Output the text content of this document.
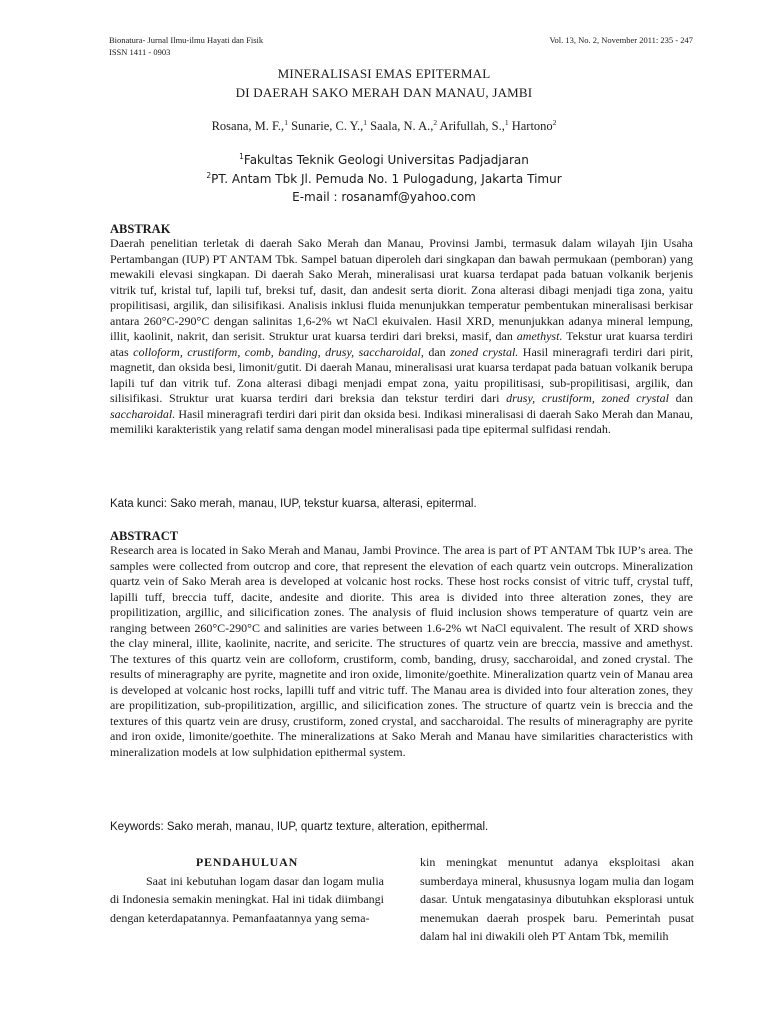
Bionatura- Jurnal Ilmu-ilmu Hayati dan Fisik
ISSN 1411 - 0903
Vol. 13, No. 2, November 2011: 235 - 247
MINERALISASI EMAS EPITERMAL
DI DAERAH SAKO MERAH DAN MANAU, JAMBI
Rosana, M. F.,$^1$ Sunarie, C. Y.,$^1$ Saala, N. A.,$^2$ Arifullah, S.,$^1$ Hartono$^2$
$^1$Fakultas Teknik Geologi Universitas Padjadjaran
$^2$PT. Antam Tbk Jl. Pemuda No. 1 Pulogadung, Jakarta Timur
E-mail : rosanamf@yahoo.com

ABSTRAK

Daerah penelitian terletak di daerah Sako Merah dan Manau, Provinsi Jambi, termasuk dalam wilayah Ijin Usaha Pertambangan (IUP) PT ANTAM Tbk. Sampel batuan diperoleh dari singkapan dan bawah permukaan (pemboran) yang mewakili elevasi singkapan. Di daerah Sako Merah, mineralisasi urat kuarsa terdapat pada batuan volkanik berjenis vitrik tuf, kristal tuf, lapili tuf, breksi tuf, dasit, dan andesit serta diorit. Zona alterasi dibagi menjadi tiga zona, yaitu propilitisasi, argilik, dan silisifikasi. Analisis inklusi fluida menunjukkan temperatur pembentukan mineralisasi berkisar antara 260°C-290°C dengan salinitas 1,6-2% wt NaCl ekuivalen. Hasil XRD, menunjukkan adanya mineral lempung, illit, kaolinit, nakrit, dan serisit. Struktur urat kuarsa terdiri dari breksi, masif, dan amethyst. Tekstur urat kuarsa terdiri atas colloform, crustiform, comb, banding, drusy, saccharoidal, dan zoned crystal. Hasil mineragrafi terdiri dari pirit, magnetit, dan oksida besi, limonit/gutit. Di daerah Manau, mineralisasi urat kuarsa terdapat pada batuan volkanik berupa lapili tuf dan vitrik tuf. Zona alterasi dibagi menjadi empat zona, yaitu propilitisasi, sub-propilitisasi, argilik, dan silisifikasi. Struktur urat kuarsa terdiri dari breksia dan tekstur terdiri dari drusy, crustiform, zoned crystal dan saccharoidal. Hasil mineragrafi terdiri dari pirit dan oksida besi. Indikasi mineralisasi di daerah Sako Merah dan Manau, memiliki karakteristik yang relatif sama dengan model mineralisasi pada tipe epitermal sulfidasi rendah.

Kata kunci: Sako merah, manau, IUP, tekstur kuarsa, alterasi, epitermal.

ABSTRACT

Research area is located in Sako Merah and Manau, Jambi Province. The area is part of PT ANTAM Tbk IUP’s area. The samples were collected from outcrop and core, that represent the elevation of each quartz vein outcrops. Mineralization quartz vein of Sako Merah area is developed at volcanic host rocks. These host rocks consist of vitric tuff, crystal tuff, lapilli tuff, breccia tuff, dacite, andesite and diorite. This area is divided into three alteration zones, they are propilitization, argillic, and silicification zones. The analysis of fluid inclusion shows temperature of quartz vein are ranging between 260°C-290°C and salinities are varies between 1.6-2% wt NaCl equivalent. The result of XRD shows the clay mineral, illite, kaolinite, nacrite, and sericite. The structures of quartz vein are breccia, massive and amethyst. The textures of this quartz vein are colloform, crustiform, comb, banding, drusy, saccharoidal, and zoned crystal. The results of mineragraphy are pyrite, magnetite and iron oxide, limonite/goethite. Mineralization quartz vein of Manau area is developed at volcanic host rocks, lapilli tuff and vitric tuff. The Manau area is divided into four alteration zones, they are propilitization, sub-propilitization, argillic, and silicification zones. The structure of quartz vein is breccia and the textures of this quartz vein are drusy, crustiform, zoned crystal, and saccharoidal. The results of mineragraphy are pyrite and iron oxide, limonite/goethite. The mineralizations at Sako Merah and Manau have similarities characteristics with mineralization models at low sulphidation epithermal system.

Keywords: Sako merah, manau, IUP, quartz texture, alteration, epithermal.

PENDAHULUAN

Saat ini kebutuhan logam dasar dan logam mulia di Indonesia semakin meningkat. Hal ini tidak diimbangi dengan keterdapatannya. Pemanfaatannya yang sema-

kin meningkat menuntut adanya eksploitasi akan sumberdaya mineral, khususnya logam mulia dan logam dasar. Untuk mengatasinya dibutuhkan eksplorasi untuk menemukan daerah prospek baru. Pemerintah pusat dalam hal ini diwakili oleh PT Antam Tbk, memilih
